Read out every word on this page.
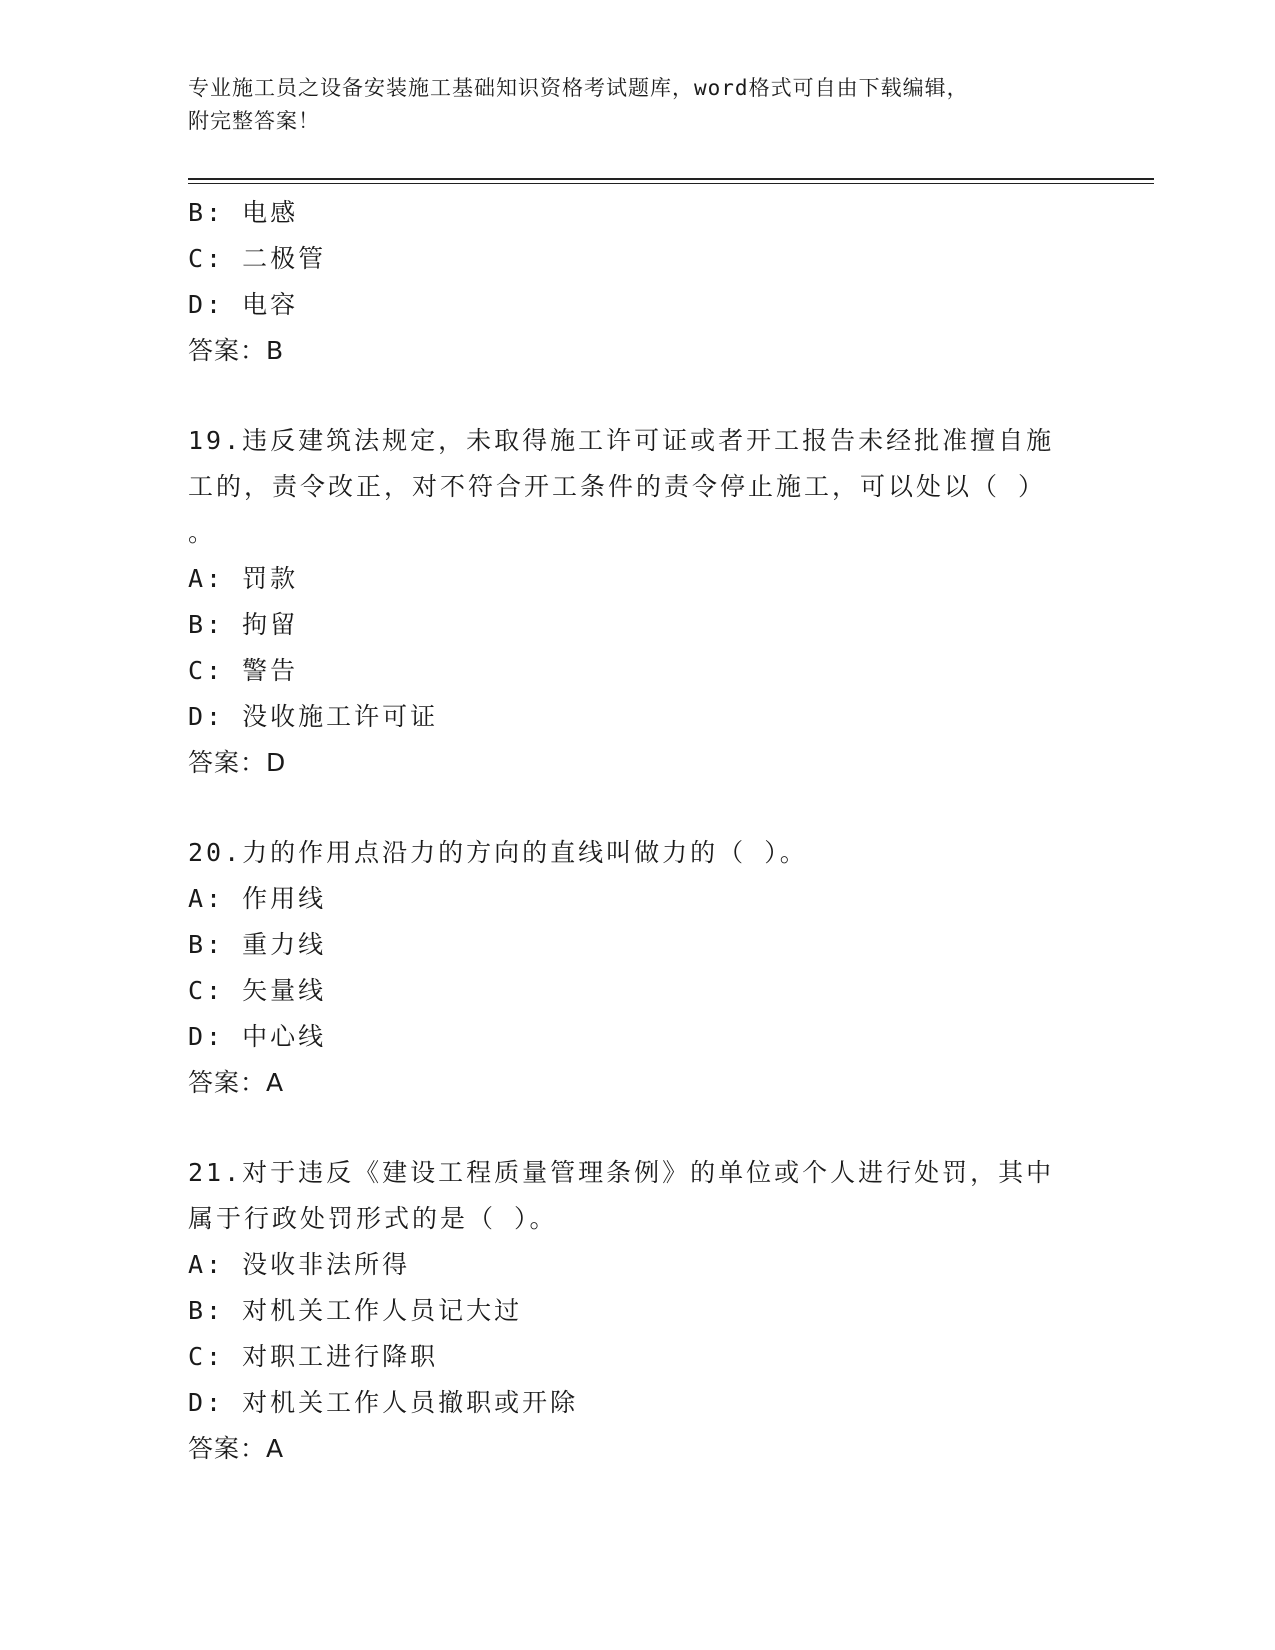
专业施工员之设备安装施工基础知识资格考试题库，word格式可自由下载编辑，
附完整答案！
B: 电感
C: 二极管
D: 电容
答案：B
19.违反建筑法规定，未取得施工许可证或者开工报告未经批准擅自施
工的，责令改正，对不符合开工条件的责令停止施工，可以处以（ ）
。
A: 罚款
B: 拘留
C: 警告
D: 没收施工许可证
答案：D
20.力的作用点沿力的方向的直线叫做力的（ ）。
A: 作用线
B: 重力线
C: 矢量线
D: 中心线
答案：A
21.对于违反《建设工程质量管理条例》的单位或个人进行处罚，其中
属于行政处罚形式的是（ ）。
A: 没收非法所得
B: 对机关工作人员记大过
C: 对职工进行降职
D: 对机关工作人员撤职或开除
答案：A
